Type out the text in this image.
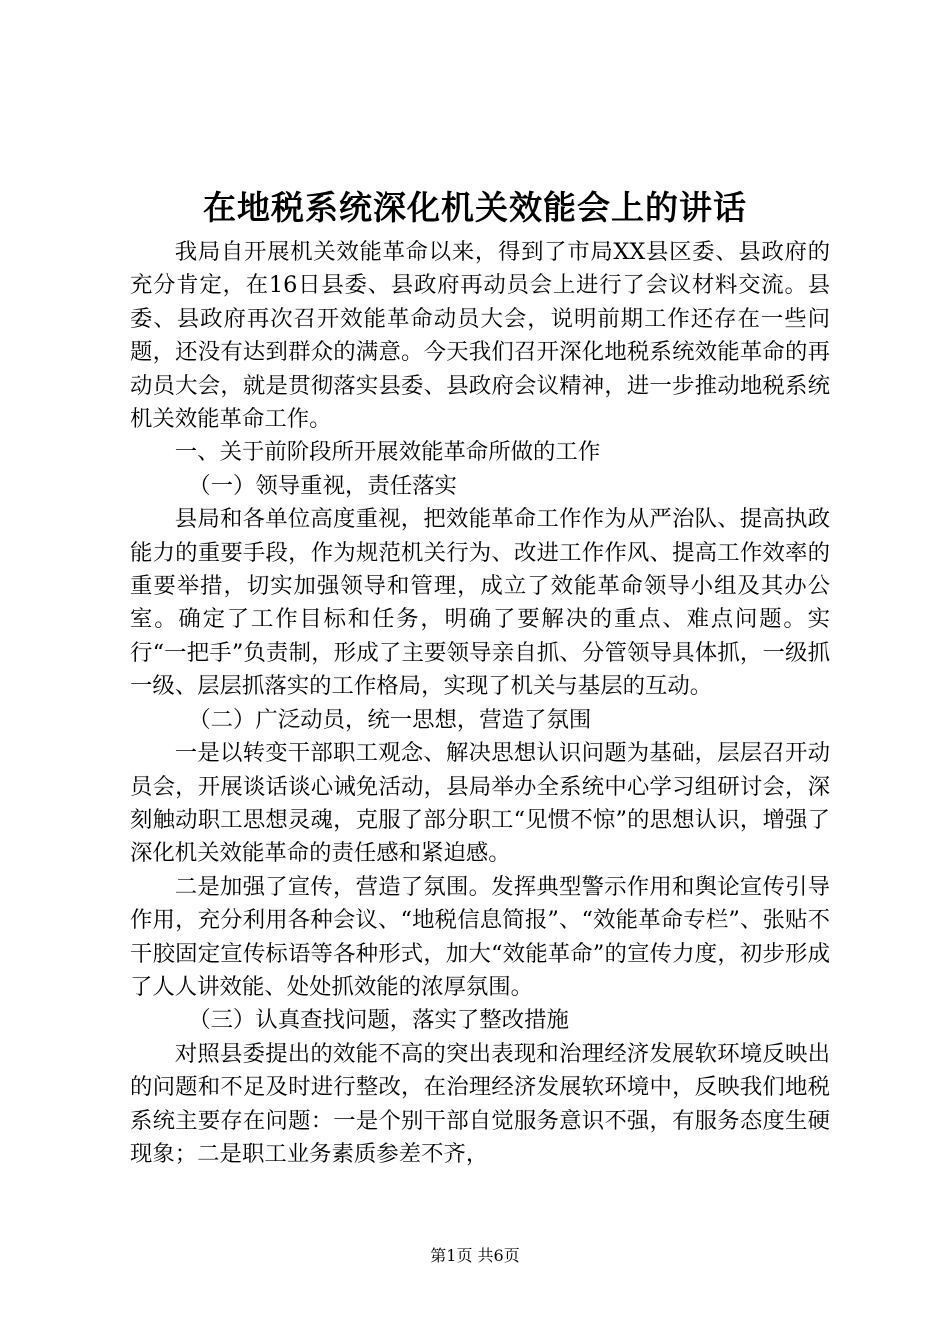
在地税系统深化机关效能会上的讲话

我局自开展机关效能革命以来，得到了市局XX县区委、县政府的充分肯定，在16日县委、县政府再动员会上进行了会议材料交流。县委、县政府再次召开效能革命动员大会，说明前期工作还存在一些问题，还没有达到群众的满意。今天我们召开深化地税系统效能革命的再动员大会，就是贯彻落实县委、县政府会议精神，进一步推动地税系统机关效能革命工作。

一、关于前阶段所开展效能革命所做的工作

（一）领导重视，责任落实

县局和各单位高度重视，把效能革命工作作为从严治队、提高执政能力的重要手段，作为规范机关行为、改进工作作风、提高工作效率的重要举措，切实加强领导和管理，成立了效能革命领导小组及其办公室。确定了工作目标和任务，明确了要解决的重点、难点问题。实行“一把手”负责制，形成了主要领导亲自抓、分管领导具体抓，一级抓一级、层层抓落实的工作格局，实现了机关与基层的互动。

（二）广泛动员，统一思想，营造了氛围

一是以转变干部职工观念、解决思想认识问题为基础，层层召开动员会，开展谈话谈心诫免活动，县局举办全系统中心学习组研讨会，深刻触动职工思想灵魂，克服了部分职工“见惯不惊”的思想认识，增强了深化机关效能革命的责任感和紧迫感。

二是加强了宣传，营造了氛围。发挥典型警示作用和舆论宣传引导作用，充分利用各种会议、“地税信息简报”、“效能革命专栏”、张贴不干胶固定宣传标语等各种形式，加大“效能革命”的宣传力度，初步形成了人人讲效能、处处抓效能的浓厚氛围。

（三）认真查找问题，落实了整改措施

对照县委提出的效能不高的突出表现和治理经济发展软环境反映出的问题和不足及时进行整改，在治理经济发展软环境中，反映我们地税系统主要存在问题：一是个别干部自觉服务意识不强，有服务态度生硬现象；二是职工业务素质参差不齐，

第1页 共6页
